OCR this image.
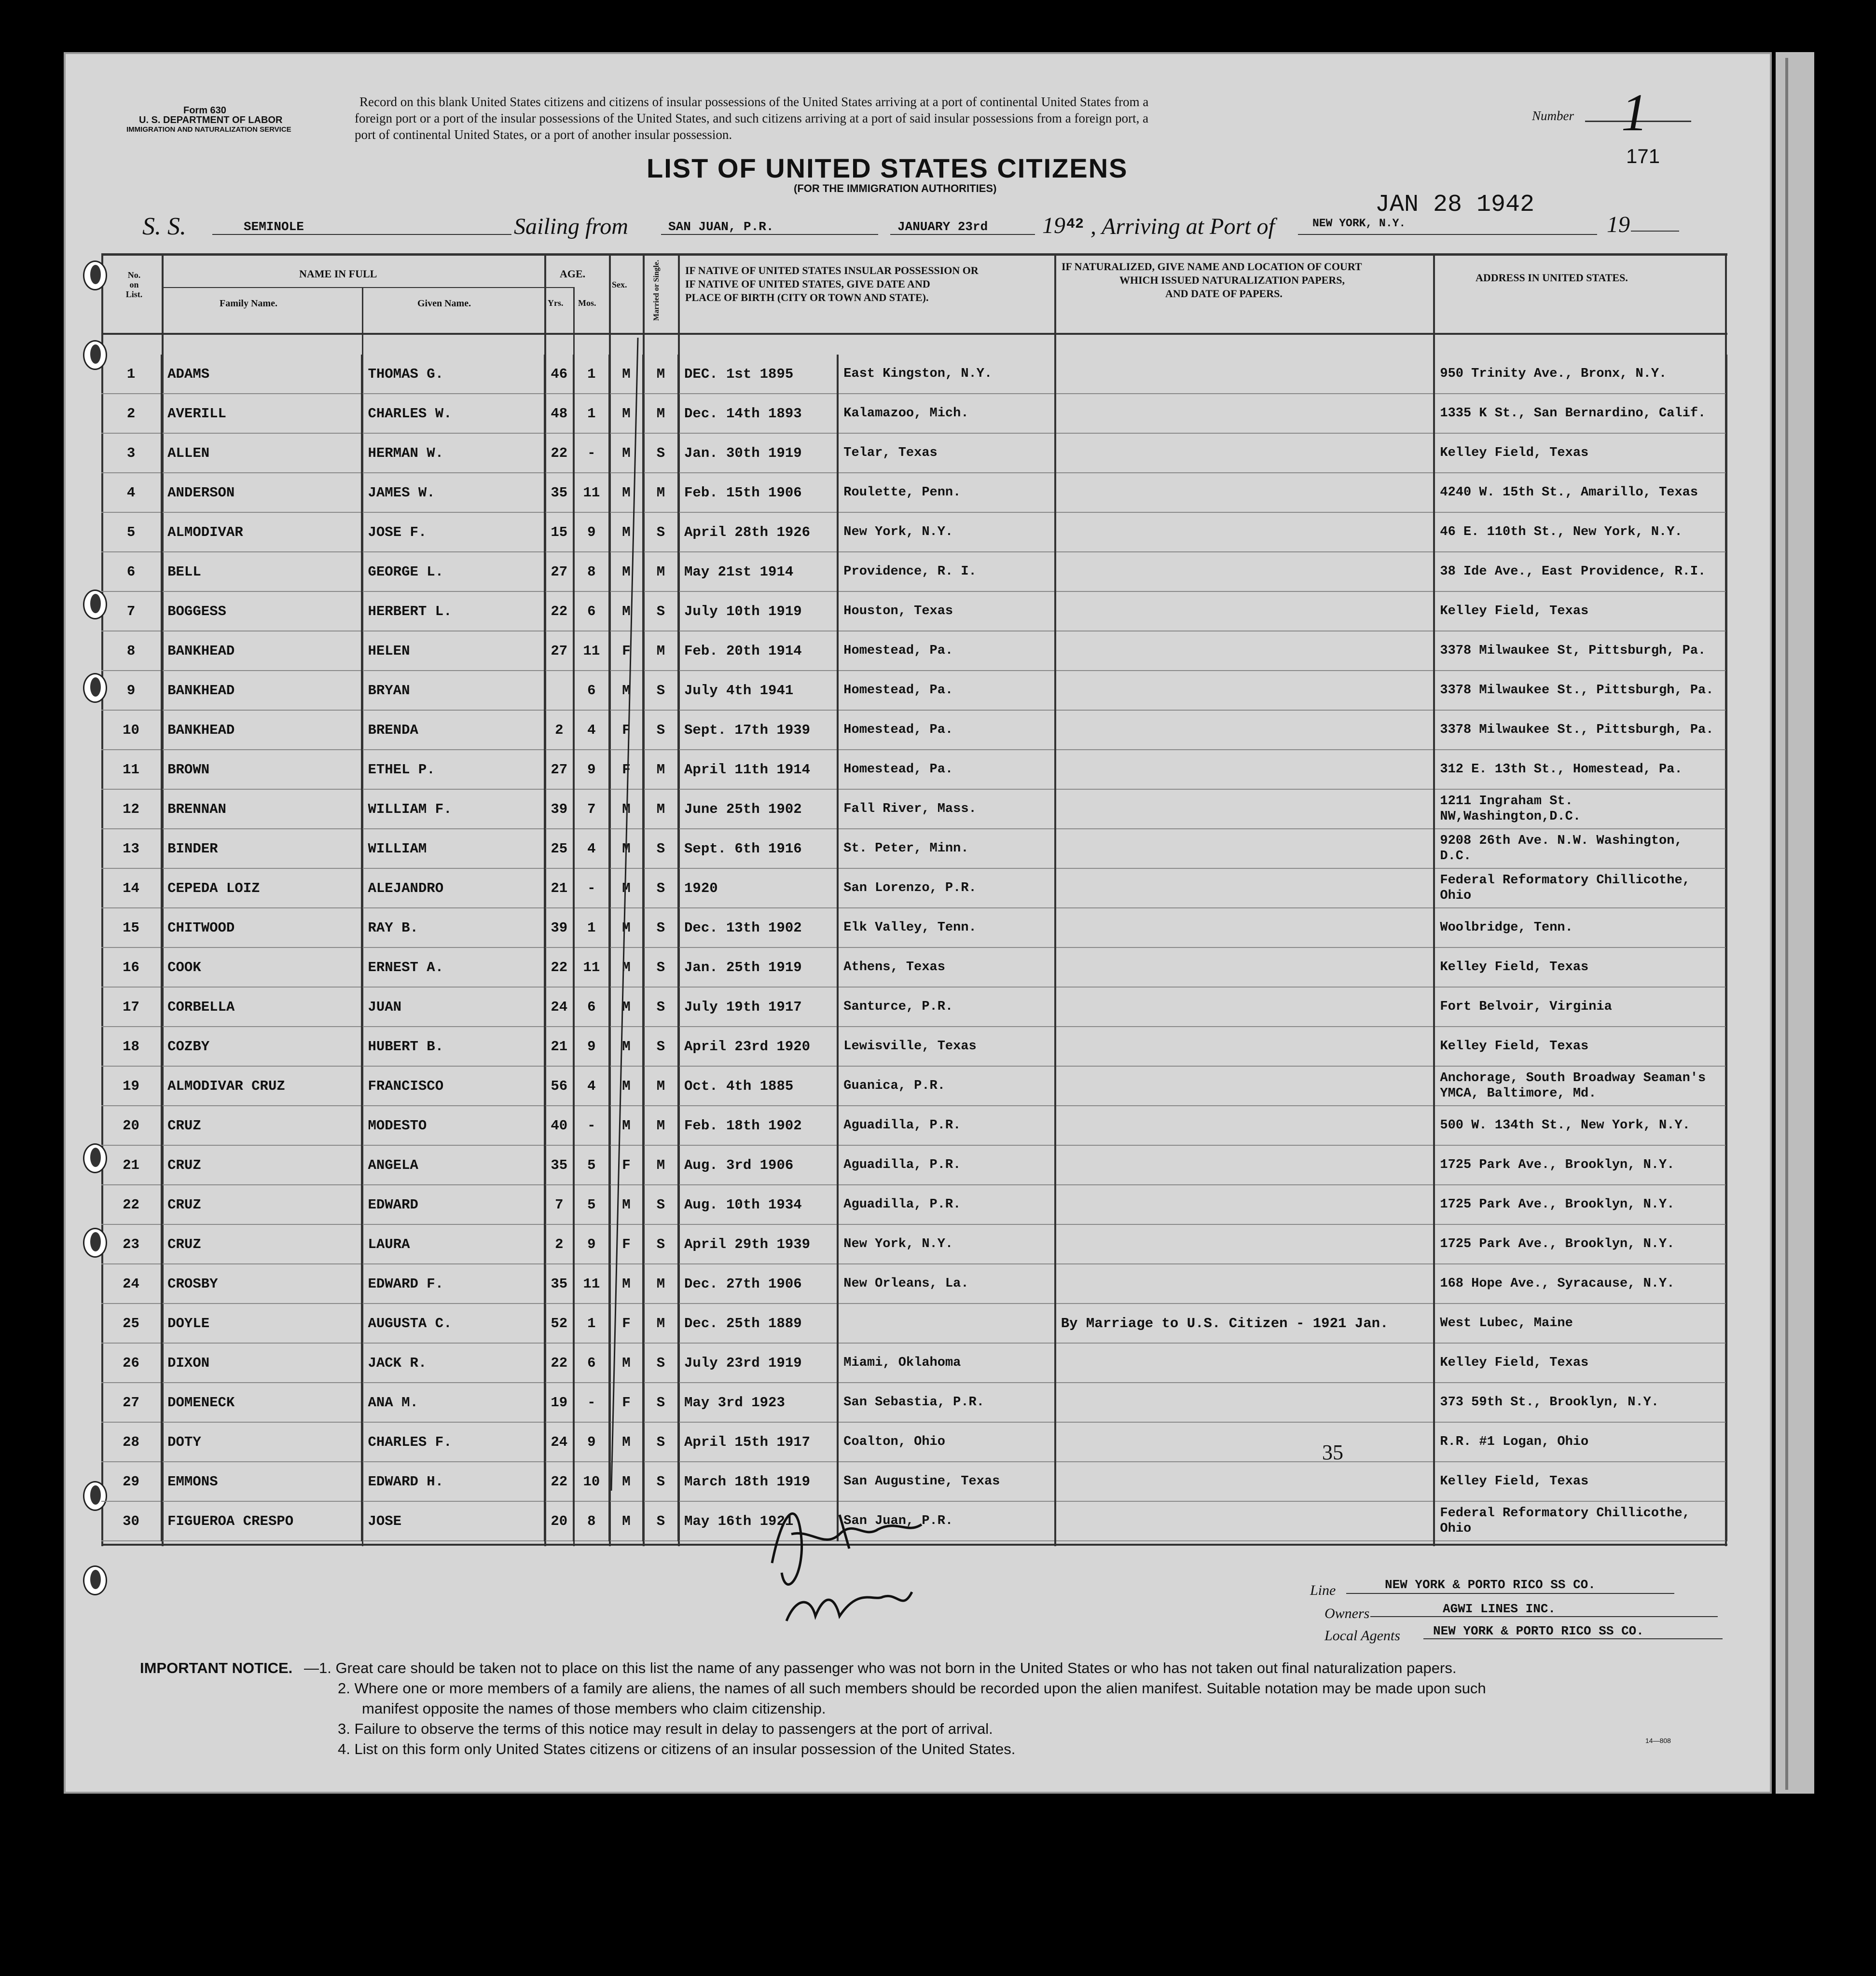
Form 630
U. S. DEPARTMENT OF LABOR
IMMIGRATION AND NATURALIZATION SERVICE
Record on this blank United States citizens and citizens of insular possessions of the United States arriving at a port of continental United States from a
foreign port or a port of the insular possessions of the United States, and such citizens arriving at a port of said insular possessions from a foreign port, a
port of continental United States, or a port of another insular possession.
Number 1
171
LIST OF UNITED STATES CITIZENS
(FOR THE IMMIGRATION AUTHORITIES)
S. S.	SEMINOLE	Sailing from	SAN JUAN, P.R.	JANUARY 23rd 19 42 , Arriving at Port of	NEW YORK, N.Y.
JAN 28 1942
19
No. on List.
NAME IN FULL
Family Name.	Given Name.
AGE.
Yrs. Mos.
Sex.	Married or Single. IF NATIVE OF UNITED STATES INSULAR POSSESSION OR
IF NATIVE OF UNITED STATES, GIVE DATE AND
PLACE OF BIRTH (CITY OR TOWN AND STATE).
IF NATURALIZED, GIVE NAME AND LOCATION OF COURT
WHICH ISSUED NATURALIZATION PAPERS,
AND DATE OF PAPERS.
ADDRESS IN UNITED STATES.
1	ADAMS	THOMAS G.	46	1	M	M	DEC. 1st 1895	East Kingston, N.Y.		950 Trinity Ave., Bronx, N.Y.
2	AVERILL	CHARLES W.	48	1	M	M	Dec. 14th 1893	Kalamazoo, Mich.		1335 K St., San Bernardino, Calif.
3	ALLEN	HERMAN W.	22	-	M	S	Jan. 30th 1919	Telar, Texas		Kelley Field, Texas
4	ANDERSON	JAMES W.	35	11	M	M	Feb. 15th 1906	Roulette, Penn.		4240 W. 15th St., Amarillo, Texas
5	ALMODIVAR	JOSE F.	15	9	M	S	April 28th 1926	New York, N.Y.		46 E. 110th St., New York, N.Y.
6	BELL	GEORGE L.	27	8	M	M	May 21st 1914	Providence, R. I.		38 Ide Ave., East Providence, R.I.
7	BOGGESS	HERBERT L.	22	6	M	S	July 10th 1919	Houston, Texas		Kelley Field, Texas
8	BANKHEAD	HELEN	27	11	F	M	Feb. 20th 1914	Homestead, Pa.		3378 Milwaukee St, Pittsburgh, Pa.
9	BANKHEAD	BRYAN		6	M	S	July 4th 1941	Homestead, Pa.		3378 Milwaukee St., Pittsburgh, Pa.
10	BANKHEAD	BRENDA	2	4	F	S	Sept. 17th 1939	Homestead, Pa.		3378 Milwaukee St., Pittsburgh, Pa.
11	BROWN	ETHEL P.	27	9	F	M	April 11th 1914	Homestead, Pa.		312 E. 13th St., Homestead, Pa.
12	BRENNAN	WILLIAM F.	39	7	M	M	June 25th 1902	Fall River, Mass.		1211 Ingraham St. NW,Washington,D.C.
13	BINDER	WILLIAM	25	4	M	S	Sept. 6th 1916	St. Peter, Minn.		9208 26th Ave. N.W. Washington, D.C.
14	CEPEDA LOIZ	ALEJANDRO	21	-	M	S	1920	San Lorenzo, P.R.		Federal Reformatory Chillicothe, Ohio
15	CHITWOOD	RAY B.	39	1	M	S	Dec. 13th 1902	Elk Valley, Tenn.		Woolbridge, Tenn.
16	COOK	ERNEST A.	22	11	M	S	Jan. 25th 1919	Athens, Texas		Kelley Field, Texas
17	CORBELLA	JUAN	24	6	M	S	July 19th 1917	Santurce, P.R.		Fort Belvoir, Virginia
18	COZBY	HUBERT B.	21	9	M	S	April 23rd 1920	Lewisville, Texas		Kelley Field, Texas
19	ALMODIVAR CRUZ	FRANCISCO	56	4	M	M	Oct. 4th 1885	Guanica, P.R.		Anchorage, South Broadway Seaman's YMCA, Baltimore, Md.
20	CRUZ	MODESTO	40	-	M	M	Feb. 18th 1902	Aguadilla, P.R.		500 W. 134th St., New York, N.Y.
21	CRUZ	ANGELA	35	5	F	M	Aug. 3rd 1906	Aguadilla, P.R.		1725 Park Ave., Brooklyn, N.Y.
22	CRUZ	EDWARD	7	5	M	S	Aug. 10th 1934	Aguadilla, P.R.		1725 Park Ave., Brooklyn, N.Y.
23	CRUZ	LAURA	2	9	F	S	April 29th 1939	New York, N.Y.		1725 Park Ave., Brooklyn, N.Y.
24	CROSBY	EDWARD F.	35	11	M	M	Dec. 27th 1906	New Orleans, La.		168 Hope Ave., Syracause, N.Y.
25	DOYLE	AUGUSTA C.	52	1	F	M	Dec. 25th 1889		By Marriage to U.S. Citizen - 1921 Jan.	West Lubec, Maine
26	DIXON	JACK R.	22	6	M	S	July 23rd 1919	Miami, Oklahoma		Kelley Field, Texas
27	DOMENECK	ANA M.	19	-	F	S	May 3rd 1923	San Sebastia, P.R.		373 59th St., Brooklyn, N.Y.
28	DOTY	CHARLES F.	24	9	M	S	April 15th 1917	Coalton, Ohio		R.R. #1 Logan, Ohio
29	EMMONS	EDWARD H.	22	10	M	S	March 18th 1919	San Augustine, Texas		Kelley Field, Texas
30	FIGUEROA CRESPO	JOSE	20	8	M	S	May 16th 1921	San Juan, P.R.		Federal Reformatory Chillicothe, Ohio
35
Line	NEW YORK & PORTO RICO SS CO.
Owners	AGWI LINES INC.
Local Agents	NEW YORK & PORTO RICO SS CO.
IMPORTANT NOTICE. —1. Great care should be taken not to place on this list the name of any passenger who was not born in the United States or who has not taken out final naturalization papers.
2. Where one or more members of a family are aliens, the names of all such members should be recorded upon the alien manifest. Suitable notation may be made upon such
manifest opposite the names of those members who claim citizenship.
3. Failure to observe the terms of this notice may result in delay to passengers at the port of arrival.
4. List on this form only United States citizens or citizens of an insular possession of the United States.	14—808
